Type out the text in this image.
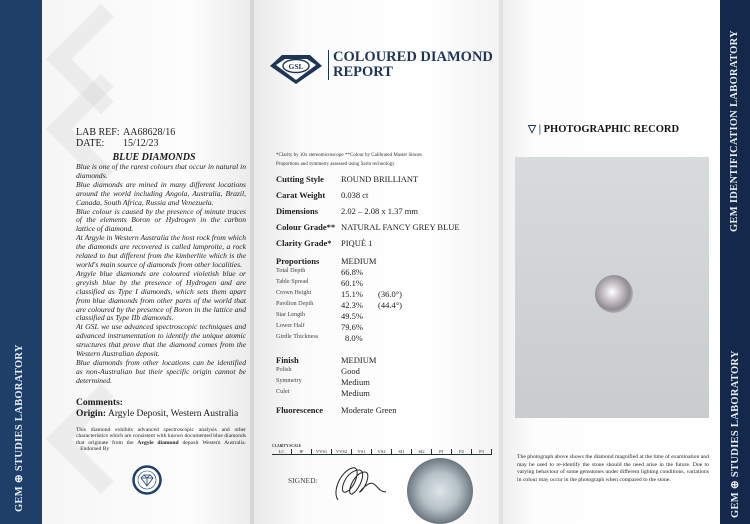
GEM ⊕ STUDIES LABORATORY
GEM IDENTIFICATION LABORATORY
GEM ⊕ STUDIES LABORATORY
LAB REF: AA68628/16
DATE: 15/12/23
BLUE DIAMONDS

Blue is one of the rarest colours that occur in natural in diamonds.

Blue diamonds are mined in many different locations around the world including Angola, Australia, Brazil, Canada, South Africa, Russia and Venezuela.

Blue colour is caused by the presence of minute traces of the elements Boron or Hydrogen in the carbon lattice of diamond.

At Argyle in Western Australia the host rock from which the diamonds are recovered is called lamproite, a rock related to but different from the kimberlite which is the world's main source of diamonds from other localities.

Argyle blue diamonds are coloured violetish blue or greyish blue by the presence of Hydrogen and are classified as Type I diamonds, which sets them apart from blue diamonds from other parts of the world that are coloured by the presence of Boron in the lattice and classified as Type IIb diamonds.

At GSL we use advanced spectroscopic techniques and advanced instrumentation to identify the unique atomic structures that prove that the diamond comes from the Western Australian deposit.

Blue diamonds from other locations can be identified as non-Australian but their specific origin cannot be determined.

Comments:
Origin: Argyle Deposit, Western Australia
This diamond exhibits advanced spectroscopic analysis and other characteristics which are consistent with known documented blue diamonds that originate from the Argyle diamond deposit Western Australia.    Endorsed By
GSL
COLOURED DIAMOND
REPORT
*Clarity by 10x stereomicroscope **Colour by Calibrated Master Stones
Proportions and symmetry assessed using Sarin technology
Cutting Style ROUND BRILLIANT
Carat Weight 0.038 ct
Dimensions	2.02 – 2.08 x 1.37 mm
Colour Grade** NATURAL FANCY GREY BLUE
Clarity Grade* PIQUÉ 1
Proportions	MEDIUM
Total Depth	66.8%
Table Spread	60.1%
Crown Height	15.1% (36.0°)
Pavilion Depth	42.3% (44.4°)
Star Length	49.5%
Lower Half	79.6%
Girdle Thickness	8.0%
Finish	MEDIUM
Polish	Good
Symmetry	Medium
Culet	Medium
Fluorescence Moderate Green
CLARITY SCALE
LC	IF	VVS1	VVS2	VS1	VS2	SI1	SI2	P1	P2	P3
SIGNED:
▽ | PHOTOGRAPHIC RECORD
The photograph above shows the diamond magnified at the time of examination and may be used to re-identify the stone should the need arise in the future. Due to varying behaviour of some gemstones under different lighting conditions, variations in colour may occur in the photograph when compared to the stone.
